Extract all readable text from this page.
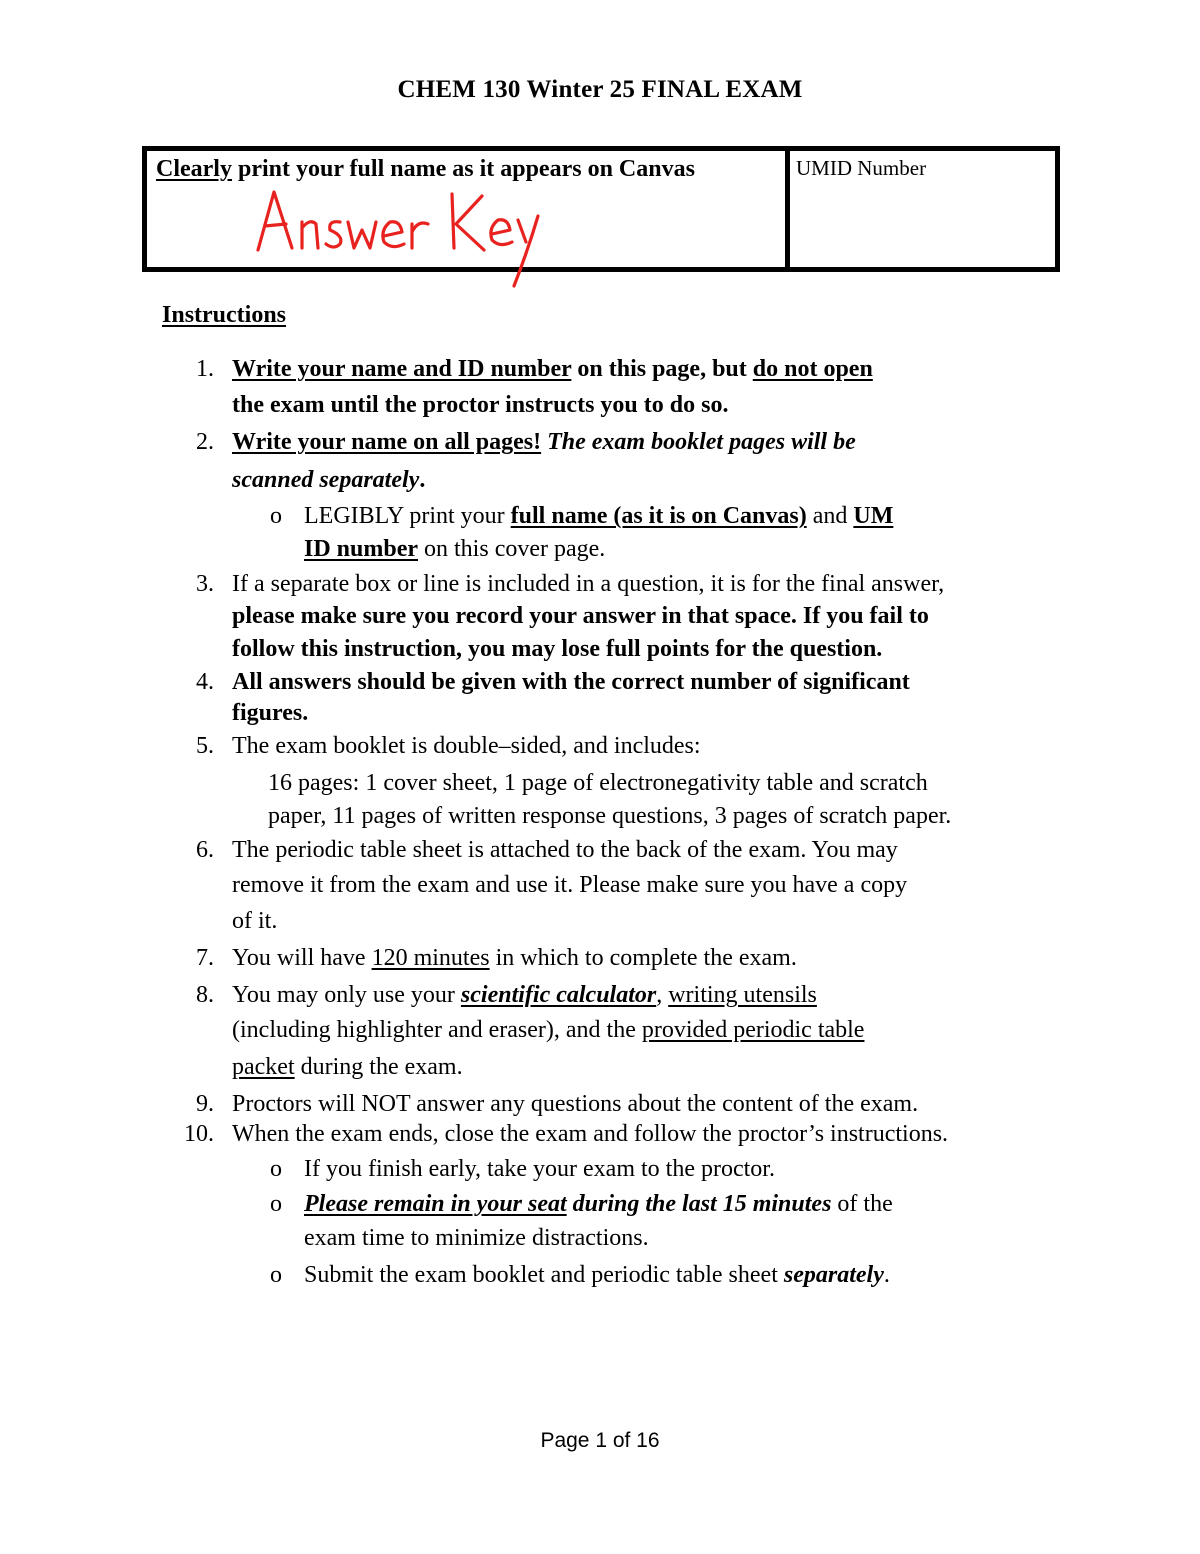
CHEM 130 Winter 25 FINAL EXAM
Clearly print your full name as it appears on Canvas	UMID Number
Instructions
1. Write your name and ID number on this page, but do not open
the exam until the proctor instructs you to do so.
2. Write your name on all pages! The exam booklet pages will be
scanned separately.
o LEGIBLY print your full name (as it is on Canvas) and UM
ID number on this cover page.
3. If a separate box or line is included in a question, it is for the final answer,
please make sure you record your answer in that space. If you fail to
follow this instruction, you may lose full points for the question.
4. All answers should be given with the correct number of significant
figures.
5. The exam booklet is double–sided, and includes:
16 pages: 1 cover sheet, 1 page of electronegativity table and scratch
paper, 11 pages of written response questions, 3 pages of scratch paper.
6. The periodic table sheet is attached to the back of the exam. You may
remove it from the exam and use it. Please make sure you have a copy
of it.
7. You will have 120 minutes in which to complete the exam.
8. You may only use your scientific calculator, writing utensils
(including highlighter and eraser), and the provided periodic table
packet during the exam.
9. Proctors will NOT answer any questions about the content of the exam.
10. When the exam ends, close the exam and follow the proctor’s instructions.
o If you finish early, take your exam to the proctor.
o Please remain in your seat during the last 15 minutes of the
exam time to minimize distractions.
o Submit the exam booklet and periodic table sheet separately.
Page 1 of 16
